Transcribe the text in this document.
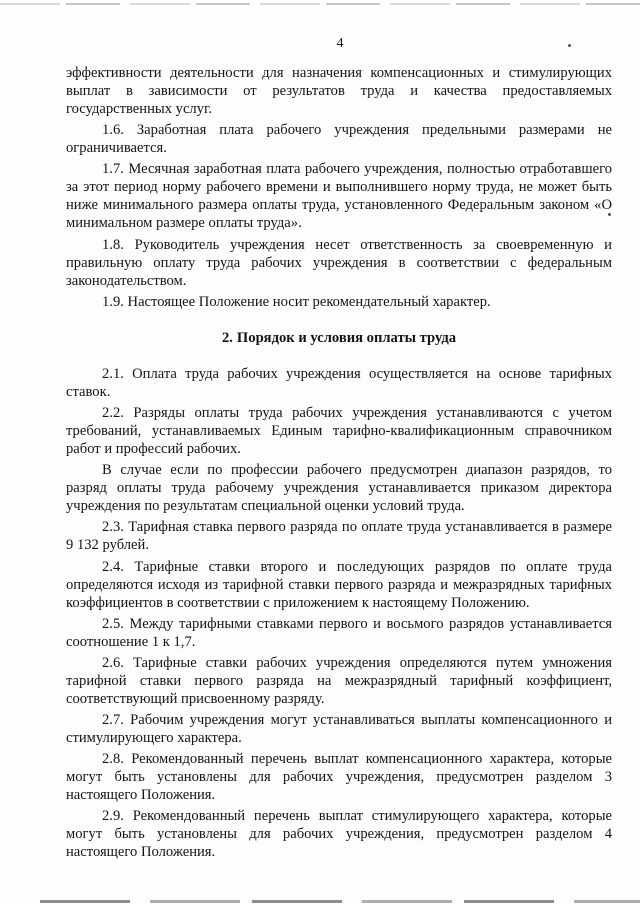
4

эффективности деятельности для назначения компенсационных и стимулирующих выплат в зависимости от результатов труда и качества предоставляемых государственных услуг.

1.6. Заработная плата рабочего учреждения предельными размерами не ограничивается.

1.7. Месячная заработная плата рабочего учреждения, полностью отработавшего за этот период норму рабочего времени и выполнившего норму труда, не может быть ниже минимального размера оплаты труда, установленного Федеральным законом «О минимальном размере оплаты труда».

1.8. Руководитель учреждения несет ответственность за своевременную и правильную оплату труда рабочих учреждения в соответствии с федеральным законодательством.

1.9. Настоящее Положение носит рекомендательный характер.

2. Порядок и условия оплаты труда

2.1. Оплата труда рабочих учреждения осуществляется на основе тарифных ставок.

2.2. Разряды оплаты труда рабочих учреждения устанавливаются с учетом требований, устанавливаемых Единым тарифно-квалификационным справочником работ и профессий рабочих.

В случае если по профессии рабочего предусмотрен диапазон разрядов, то разряд оплаты труда рабочему учреждения устанавливается приказом директора учреждения по результатам специальной оценки условий труда.

2.3. Тарифная ставка первого разряда по оплате труда устанавливается в размере 9 132 рублей.

2.4. Тарифные ставки второго и последующих разрядов по оплате труда определяются исходя из тарифной ставки первого разряда и межразрядных тарифных коэффициентов в соответствии с приложением к настоящему Положению.

2.5. Между тарифными ставками первого и восьмого разрядов устанавливается соотношение 1 к 1,7.

2.6. Тарифные ставки рабочих учреждения определяются путем умножения тарифной ставки первого разряда на межразрядный тарифный коэффициент, соответствующий присвоенному разряду.

2.7. Рабочим учреждения могут устанавливаться выплаты компенсационного и стимулирующего характера.

2.8. Рекомендованный перечень выплат компенсационного характера, которые могут быть установлены для рабочих учреждения, предусмотрен разделом 3 настоящего Положения.

2.9. Рекомендованный перечень выплат стимулирующего характера, которые могут быть установлены для рабочих учреждения, предусмотрен разделом 4 настоящего Положения.
